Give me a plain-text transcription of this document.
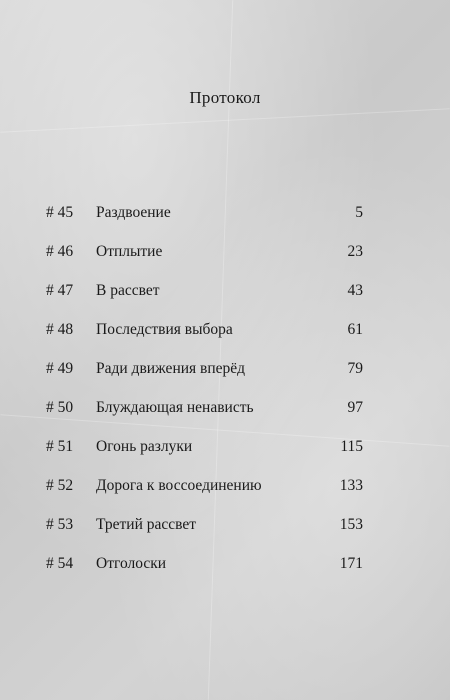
Протокол
# 45 Раздвоение	5
# 46 Отплытие	23
# 47 В рассвет	43
# 48 Последствия выбора	61
# 49 Ради движения вперёд	79
# 50 Блуждающая ненависть	97
# 51 Огонь разлуки	115
# 52 Дорога к воссоединению	133
# 53 Третий рассвет	153
# 54 Отголоски	171
